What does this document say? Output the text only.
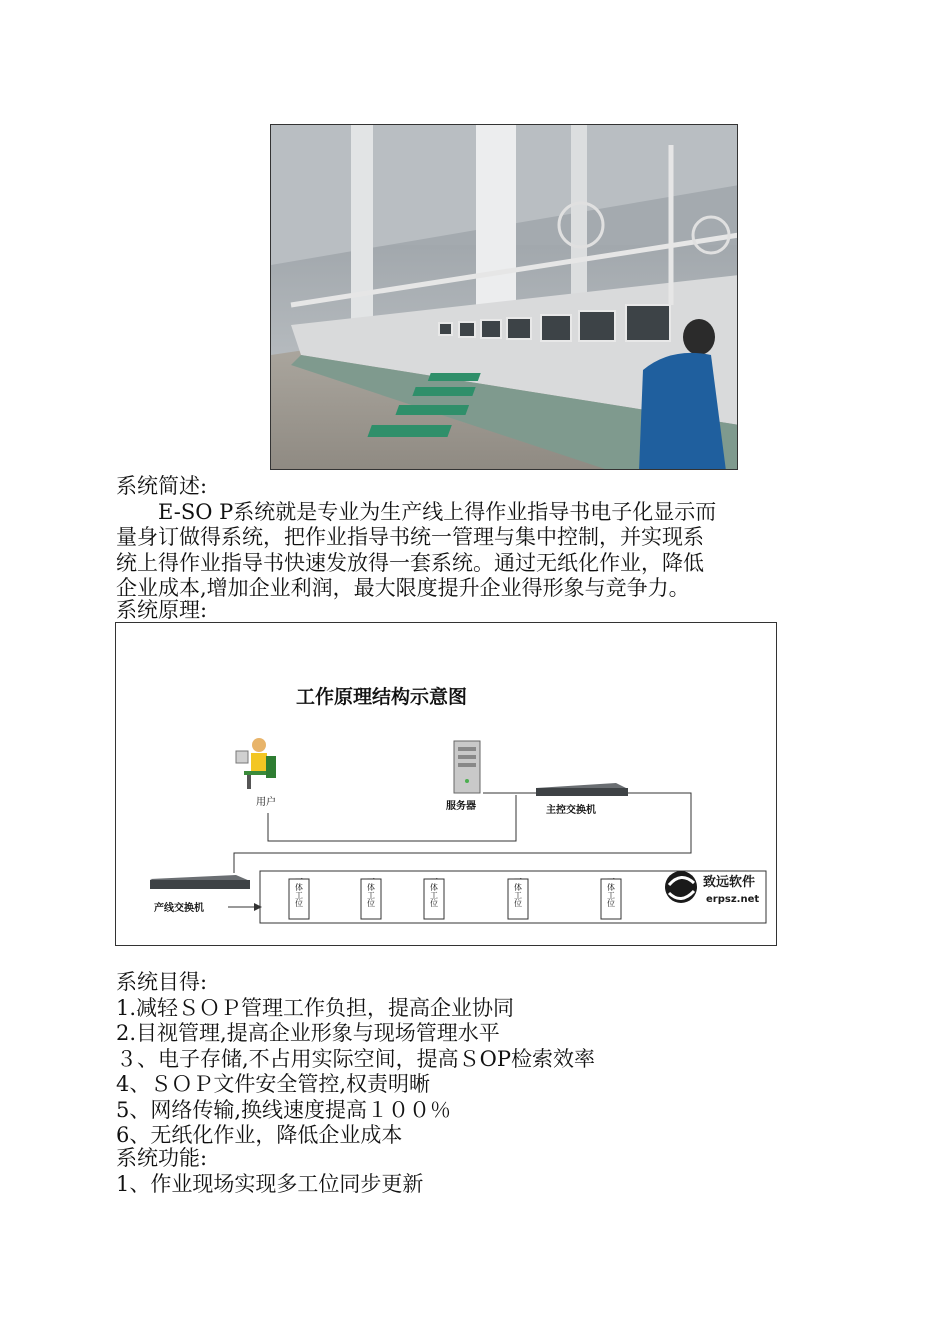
系统简述:
　　E-SO P系统就是专业为生产线上得作业指导书电子化显示而
量身订做得系统，把作业指导书统一管理与集中控制，并实现系
统上得作业指导书快速发放得一套系统。通过无纸化作业，降低
企业成本,增加企业利润，最大限度提升企业得形象与竞争力。
系统原理:
工作原理结构示意图
用户	服务器	主控交换机
产线交换机
一体工位	一体工位	一体工位	一体工位	一体工位	致远软件
erpsz.net
系统目得:
1.减轻ＳＯＰ管理工作负担，提高企业协同
2.目视管理,提高企业形象与现场管理水平
３、电子存储,不占用实际空间，提高ＳOP检索效率
4、ＳＯＰ文件安全管控,权责明晰
5、网络传输,换线速度提高１００％
6、无纸化作业，降低企业成本
系统功能:
1、作业现场实现多工位同步更新
